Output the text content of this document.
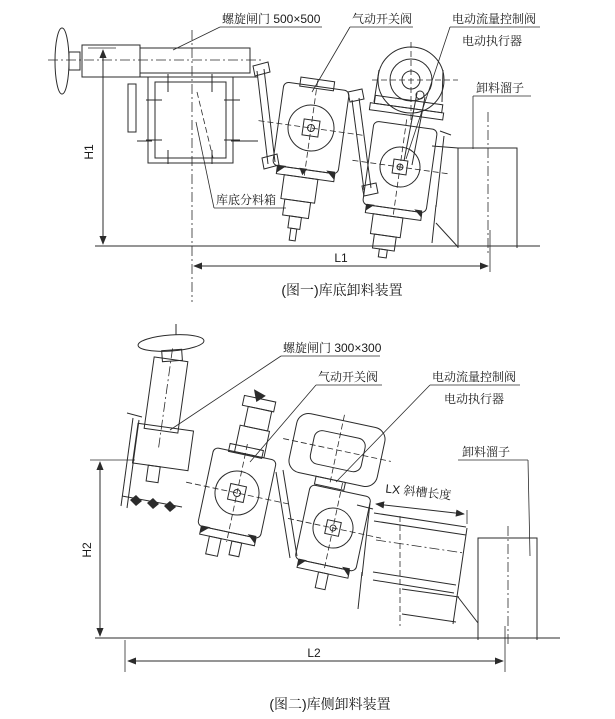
H1
L1
螺旋闸门 500×500	气动开关阀	电动流量控制阀
电动执行器
卸料溜子
库底分料箱
(图一)库底卸料装置
H2
L2
LX 斜槽长度
螺旋闸门 300×300
气动开关阀	电动流量控制阀
电动执行器
卸料溜子
(图二)库侧卸料装置
